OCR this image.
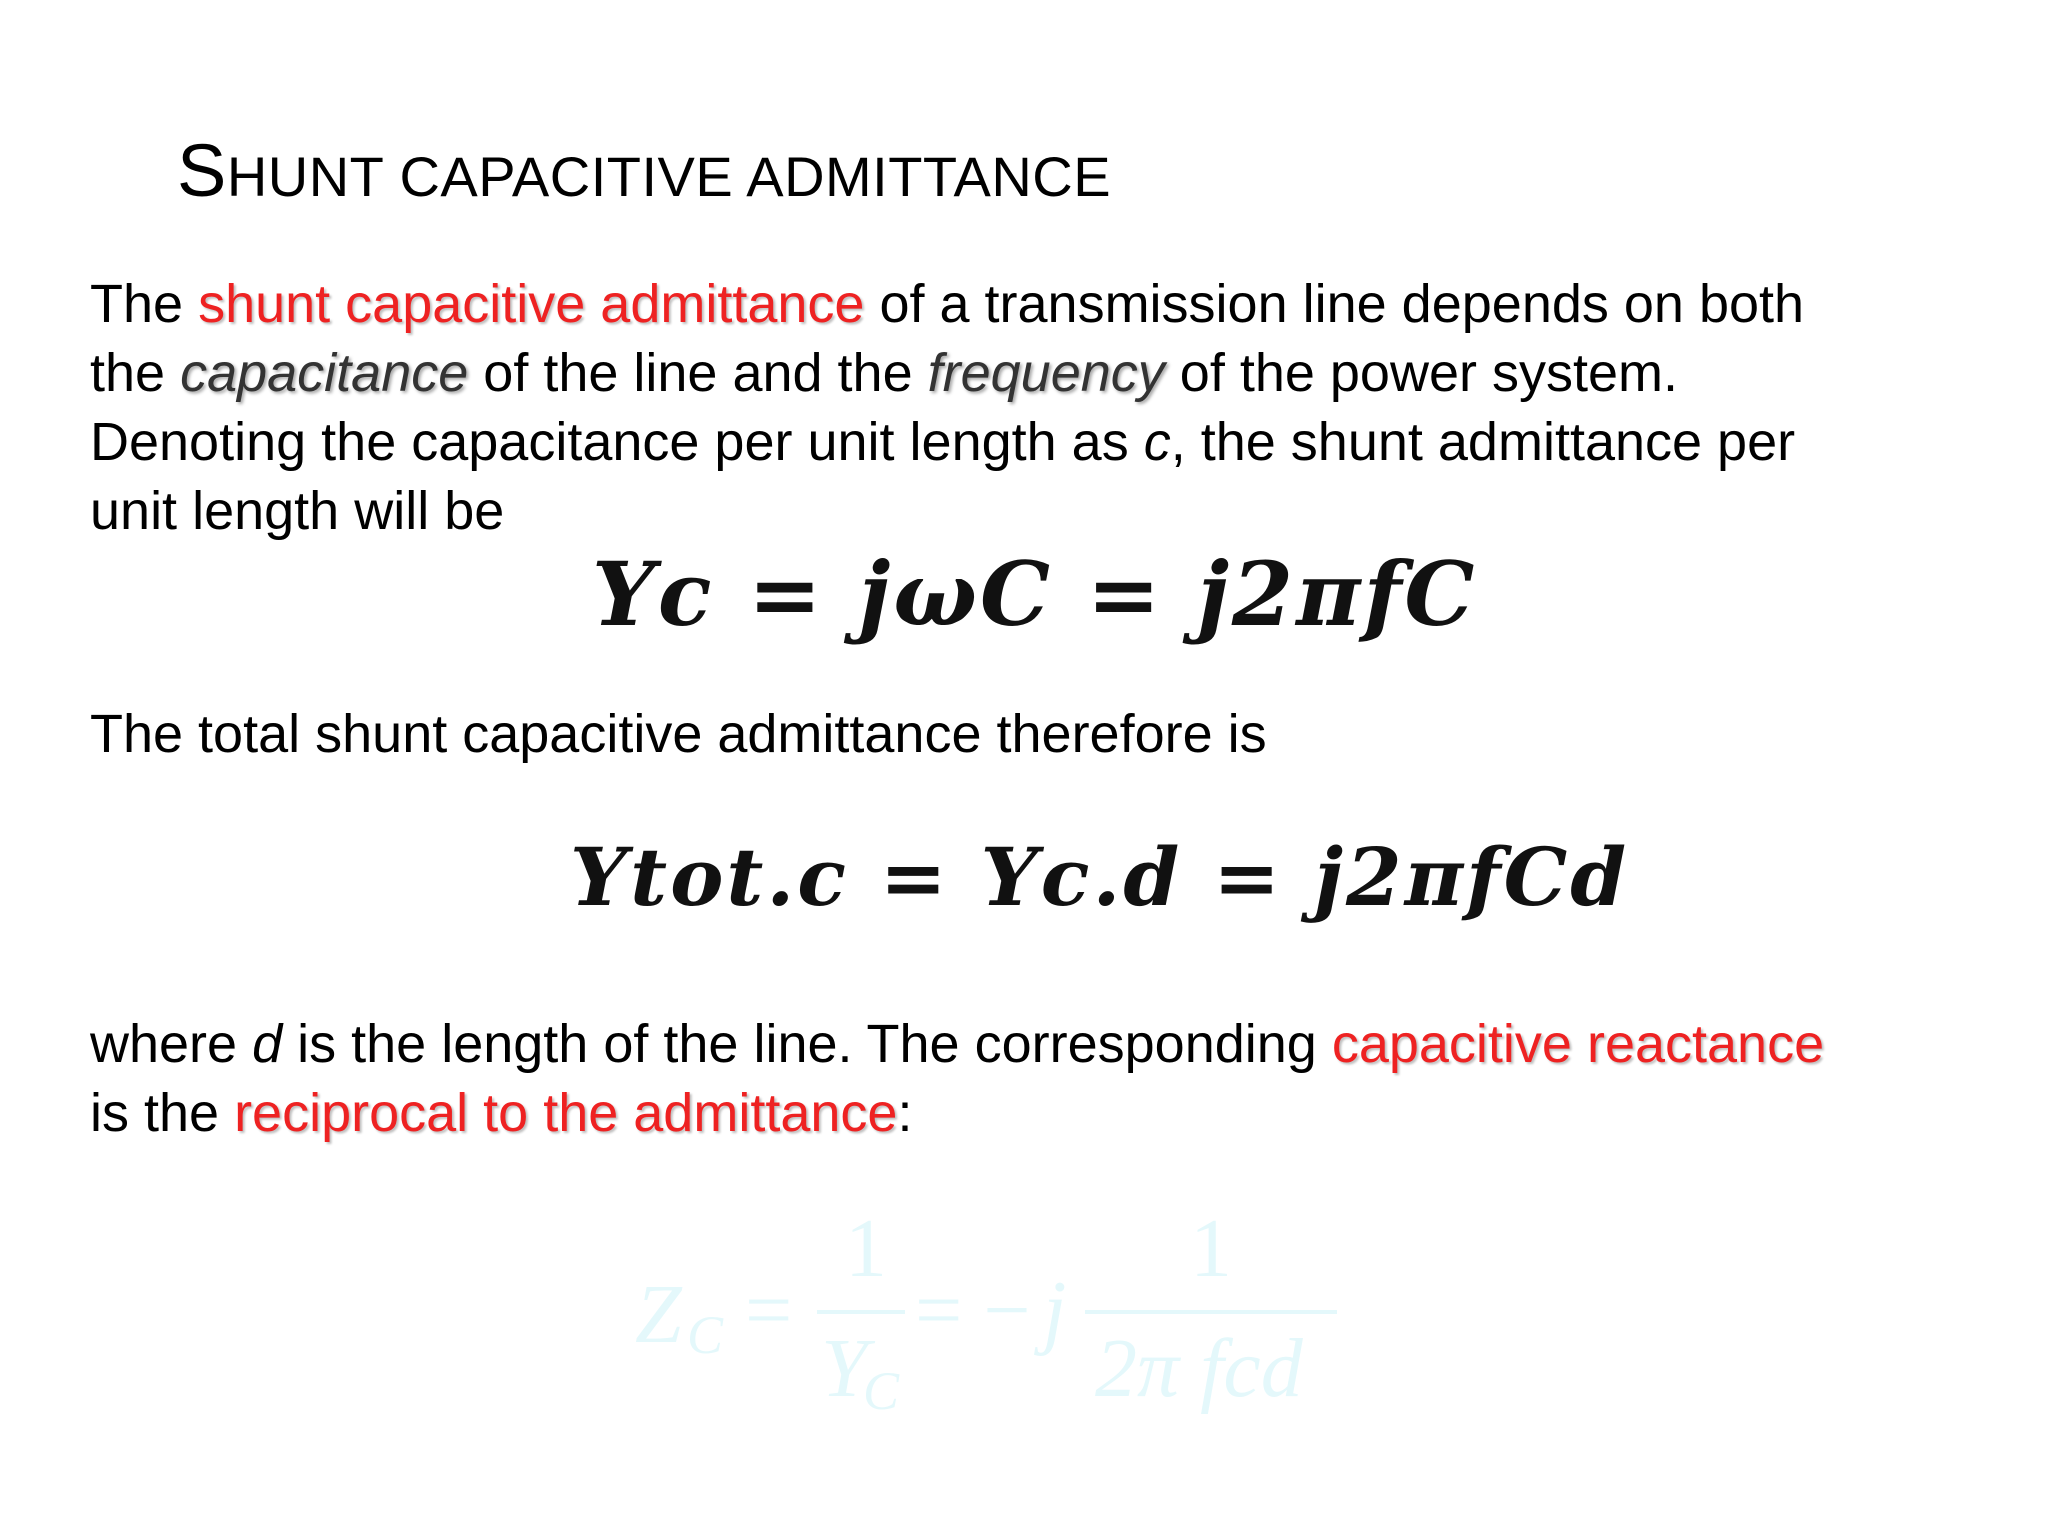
SHUNT CAPACITIVE ADMITTANCE
The shunt capacitive admittance of a transmission line depends on both
the capacitance of the line and the frequency of the power system.
Denoting the capacitance per unit length as c, the shunt admittance per
unit length will be
Yc = jωC = j2πfC
The total shunt capacitive admittance therefore is
Ytot.c = Yc.d = j2πfCd
where d is the length of the line. The corresponding capacitive reactance
is the reciprocal to the admittance:
Z C =
1
Y
C
= − j
1
2π fcd
